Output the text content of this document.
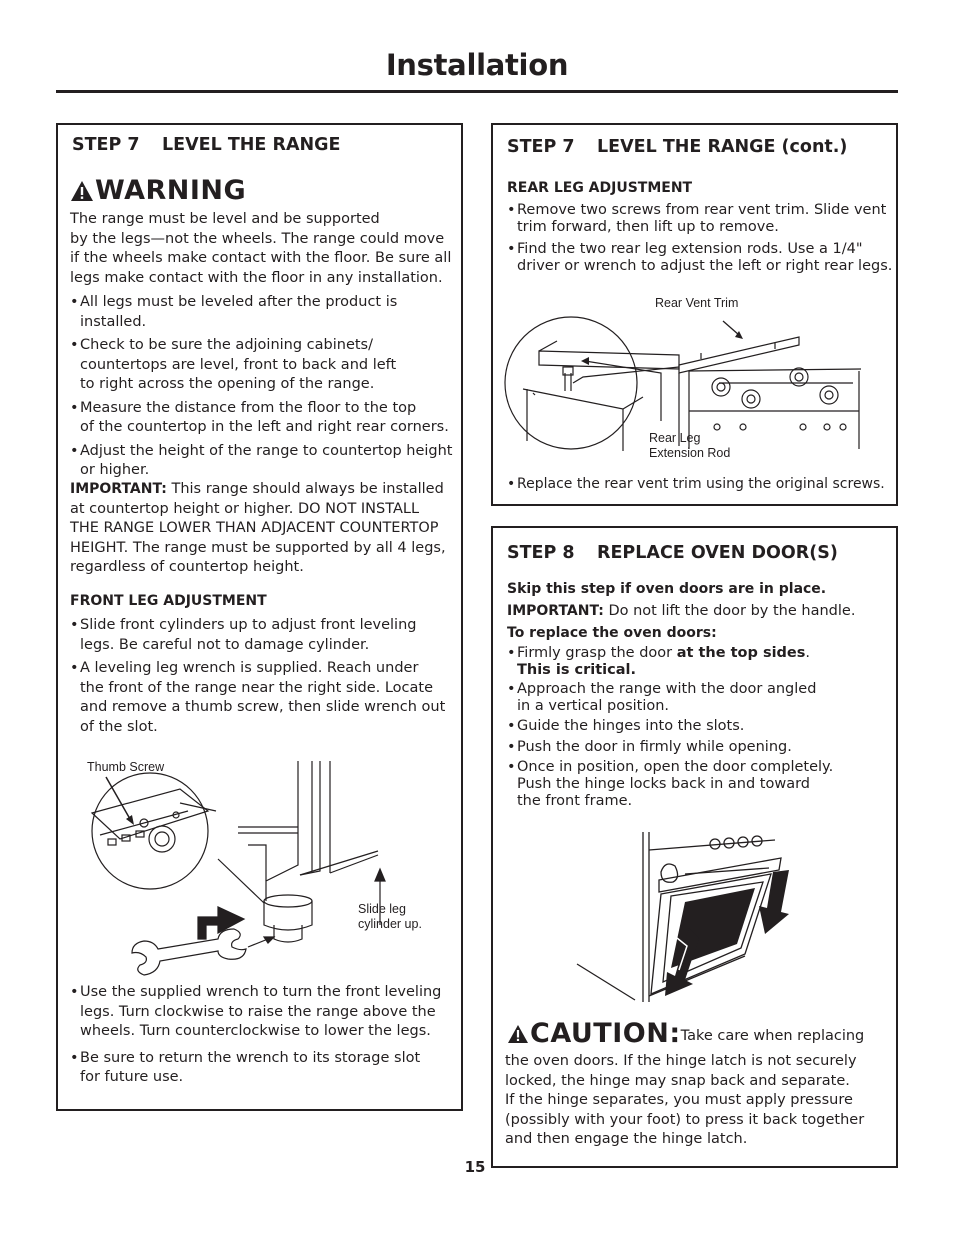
Installation
STEP 7 LEVEL THE RANGE
WARNING
The range must be level and be supported
by the legs—not the wheels. The range could move
if the wheels make contact with the floor. Be sure all
legs make contact with the floor in any installation.
• All legs must be leveled after the product is
installed.
• Check to be sure the adjoining cabinets/
countertops are level, front to back and left
to right across the opening of the range.
• Measure the distance from the floor to the top
of the countertop in the left and right rear corners.
• Adjust the height of the range to countertop height
or higher.
IMPORTANT: This range should always be installed
at countertop height or higher. DO NOT INSTALL
THE RANGE LOWER THAN ADJACENT COUNTERTOP
HEIGHT. The range must be supported by all 4 legs,
regardless of countertop height.
FRONT LEG ADJUSTMENT
• Slide front cylinders up to adjust front leveling
legs. Be careful not to damage cylinder.
• A leveling leg wrench is supplied. Reach under
the front of the range near the right side. Locate
and remove a thumb screw, then slide wrench out
of the slot.
Thumb Screw
Slide leg
cylinder up.
• Use the supplied wrench to turn the front leveling
legs. Turn clockwise to raise the range above the
wheels. Turn counterclockwise to lower the legs.
• Be sure to return the wrench to its storage slot
for future use.
STEP 7 LEVEL THE RANGE (cont.)
REAR LEG ADJUSTMENT
• Remove two screws from rear vent trim. Slide vent
trim forward, then lift up to remove.
• Find the two rear leg extension rods. Use a 1/4"
driver or wrench to adjust the left or right rear legs.
Rear Vent Trim
Rear Leg
Extension Rod
• Replace the rear vent trim using the original screws.
STEP 8 REPLACE OVEN DOOR(S)
Skip this step if oven doors are in place.
IMPORTANT: Do not lift the door by the handle.
To replace the oven doors:
• Firmly grasp the door at the top sides.
This is critical.
• Approach the range with the door angled
in a vertical position.
• Guide the hinges into the slots.
• Push the door in firmly while opening.
• Once in position, open the door completely.
Push the hinge locks back in and toward
the front frame.
CAUTION: Take care when replacing
the oven doors. If the hinge latch is not securely
locked, the hinge may snap back and separate.
If the hinge separates, you must apply pressure
(possibly with your foot) to press it back together
and then engage the hinge latch.
15
